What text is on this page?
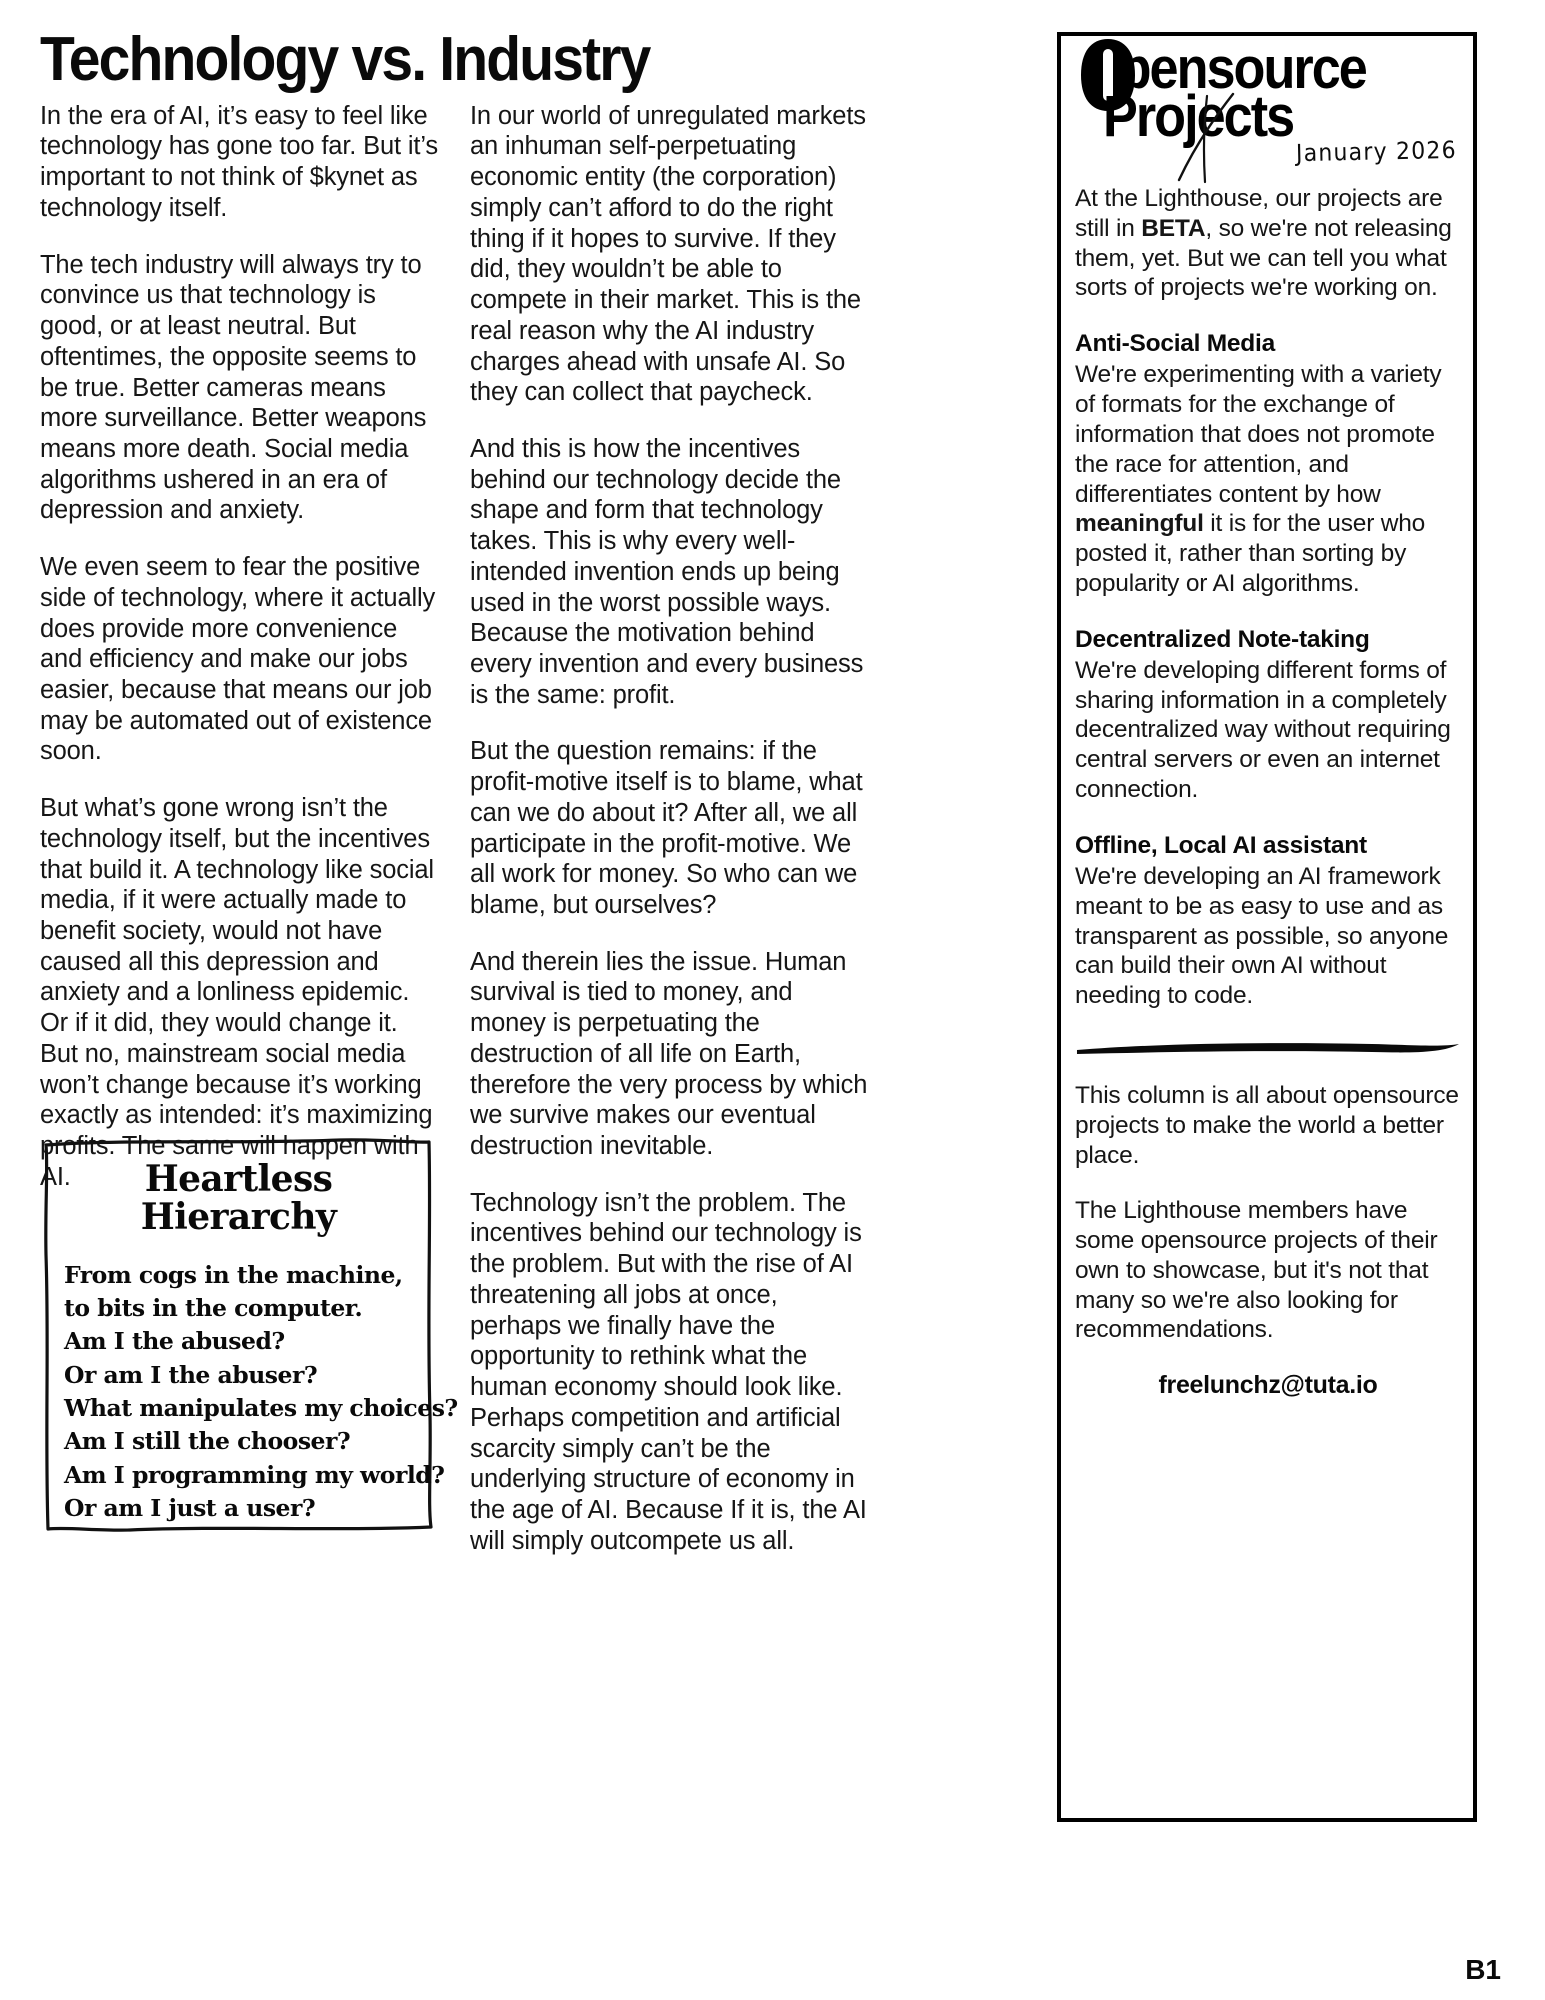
Technology vs. Industry

In the era of AI, it’s easy to feel like technology has gone too far. But it’s important to not think of $kynet as technology itself.

The tech industry will always try to convince us that technology is good, or at least neutral. But oftentimes, the opposite seems to be true. Better cameras means more surveillance. Better weapons means more death. Social media algorithms ushered in an era of depression and anxiety.

We even seem to fear the positive side of technology, where it actually does provide more convenience and efficiency and make our jobs easier, because that means our job may be automated out of existence soon.

But what’s gone wrong isn’t the technology itself, but the incentives that build it. A technology like social media, if it were actually made to benefit society, would not have caused all this depression and anxiety and a lonliness epidemic. Or if it did, they would change it. But no, mainstream social media won’t change because it’s working exactly as intended: it’s maximizing profits. The same will happen with AI.

In our world of unregulated markets an inhuman self-perpetuating economic entity (the corporation) simply can’t afford to do the right thing if it hopes to survive. If they did, they wouldn’t be able to compete in their market. This is the real reason why the AI industry charges ahead with unsafe AI. So they can collect that paycheck.

And this is how the incentives behind our technology decide the shape and form that technology takes. This is why every well-intended invention ends up being used in the worst possible ways. Because the motivation behind every invention and every business is the same: profit.

But the question remains: if the profit-motive itself is to blame, what can we do about it? After all, we all participate in the profit-motive. We all work for money. So who can we blame, but ourselves?

And therein lies the issue. Human survival is tied to money, and money is perpetuating the destruction of all life on Earth, therefore the very process by which we survive makes our eventual destruction inevitable.

Technology isn’t the problem. The incentives behind our technology is the problem. But with the rise of AI threatening all jobs at once, perhaps we finally have the opportunity to rethink what the human economy should look like. Perhaps competition and artificial scarcity simply can’t be the underlying structure of economy in the age of AI. Because If it is, the AI will simply outcompete us all.

Heartless Hierarchy
From cogs in the machine,
to bits in the computer.
Am I the abused?
Or am I the abuser?
What manipulates my choices?
Am I still the chooser?
Am I programming my world?
Or am I just a user?
pensource
Projects
January 2026

At the Lighthouse, our projects are still in BETA, so we're not releasing them, yet. But we can tell you what sorts of projects we're working on.

Anti-Social Media

We're experimenting with a variety of formats for the exchange of information that does not promote the race for attention, and differentiates content by how meaningful it is for the user who posted it, rather than sorting by popularity or AI algorithms.

Decentralized Note-taking

We're developing different forms of sharing information in a completely decentralized way without requiring central servers or even an internet connection.

Offline, Local AI assistant

We're developing an AI framework meant to be as easy to use and as transparent as possible, so anyone can build their own AI without needing to code.

This column is all about opensource projects to make the world a better place.

The Lighthouse members have some opensource projects of their own to showcase, but it's not that many so we're also looking for recommendations.

freelunchz@tuta.io
B1
